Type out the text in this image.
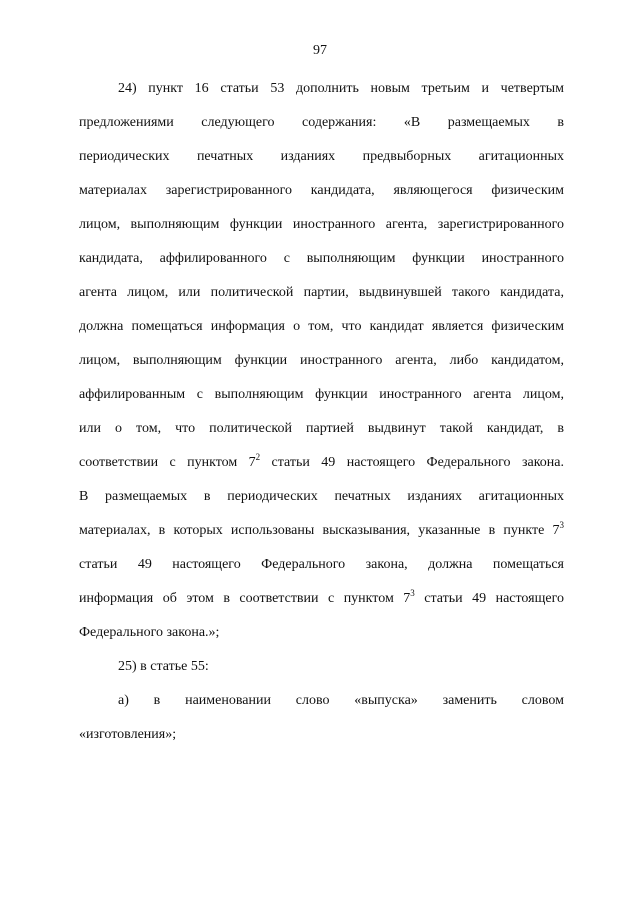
97
24) пункт 16 статьи 53 дополнить новым третьим и четвертым
предложениями следующего содержания: «В размещаемых в
периодических печатных изданиях предвыборных агитационных
материалах зарегистрированного кандидата, являющегося физическим
лицом, выполняющим функции иностранного агента, зарегистрированного
кандидата, аффилированного с выполняющим функции иностранного
агента лицом, или политической партии, выдвинувшей такого кандидата,
должна помещаться информация о том, что кандидат является физическим
лицом, выполняющим функции иностранного агента, либо кандидатом,
аффилированным с выполняющим функции иностранного агента лицом,
или о том, что политической партией выдвинут такой кандидат, в
соответствии с пунктом $7^2$ статьи 49 настоящего Федерального закона.
В размещаемых в периодических печатных изданиях агитационных
материалах, в которых использованы высказывания, указанные в пункте $7^3$
статьи 49 настоящего Федерального закона, должна помещаться
информация об этом в соответствии с пунктом $7^3$ статьи 49 настоящего
Федерального закона.»;
25) в статье 55:
а) в наименовании слово «выпуска» заменить словом
«изготовления»;
